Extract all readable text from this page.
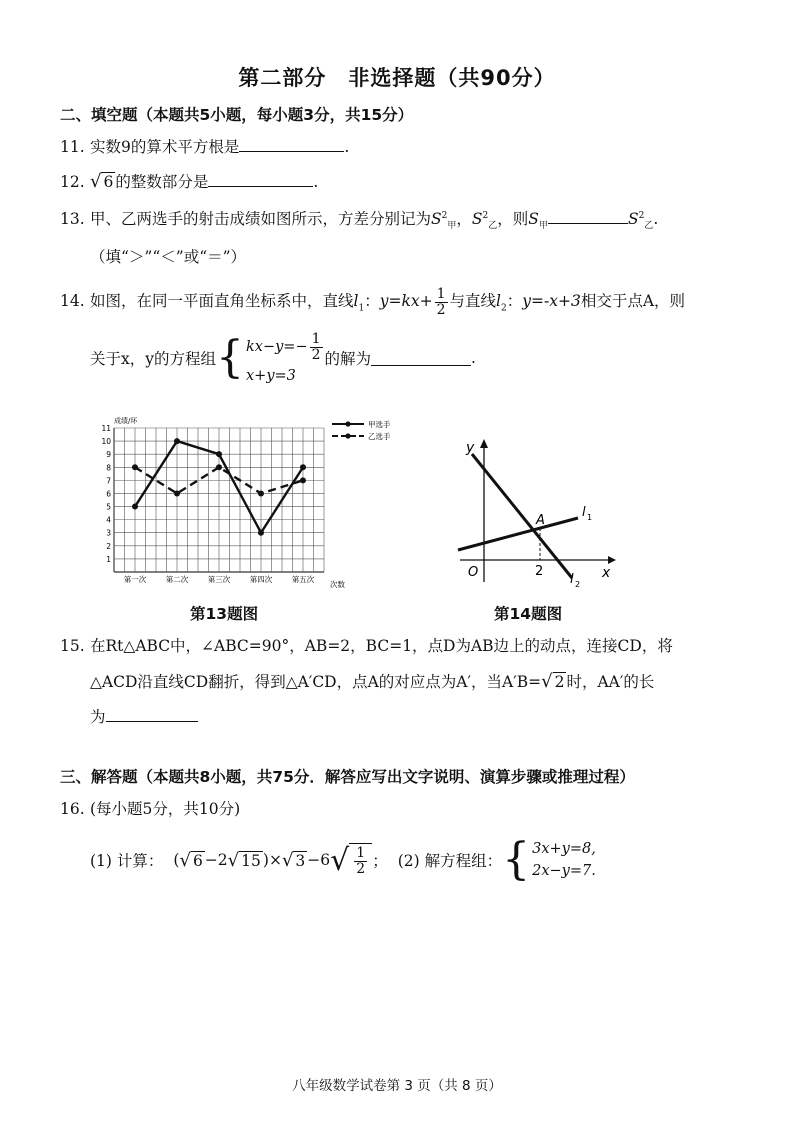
第二部分　非选择题（共90分）
二、填空题（本题共5小题，每小题3分，共15分）
11. 实数9的算术平方根是	.
12. √ 6 的整数部分是	.
13. 甲、乙两选手的射击成绩如图所示，方差分别记为$S^2_甲$，$S^2_乙$，则$S_甲$	$S^2_乙$.
（填“＞”“＜”或“＝”）
14. 如图，在同一平面直角坐标系中，直线$l_1$：$y=kx+ \frac{1}{2}$ 与直线$l_2$：y=-x+3相交于点A，则
关于x，y的方程组 { $kx-y=- \frac{1}{2}$
x+y=3
的解为	.
1
2
3
4
5
6
7
8
9
10
11
第一次	第二次	第三次	第四次	第五次
成绩/环
次数
甲选手
乙选手
第13题图
y
x
O
A
2
l 1
l 2
第14题图
15. 在Rt△ABC中，∠ABC=90°，AB=2，BC=1，点D为AB边上的动点，连接CD，将
△ACD沿直线CD翻折，得到△A′CD，点A的对应点为A′，当A′B=√ 2 时，AA′的长
为
三、解答题（本题共8小题，共75分．解答应写出文字说明、演算步骤或推理过程）
16. (每小题5分，共10分)
(1) 计算： ( √ 6 −2 √ 15 )× √ 3 −6 √ $\frac{1}{2}$ ； (2) 解方程组： { 3x+y=8,
2x−y=7.
八年级数学试卷第 3 页（共 8 页）
